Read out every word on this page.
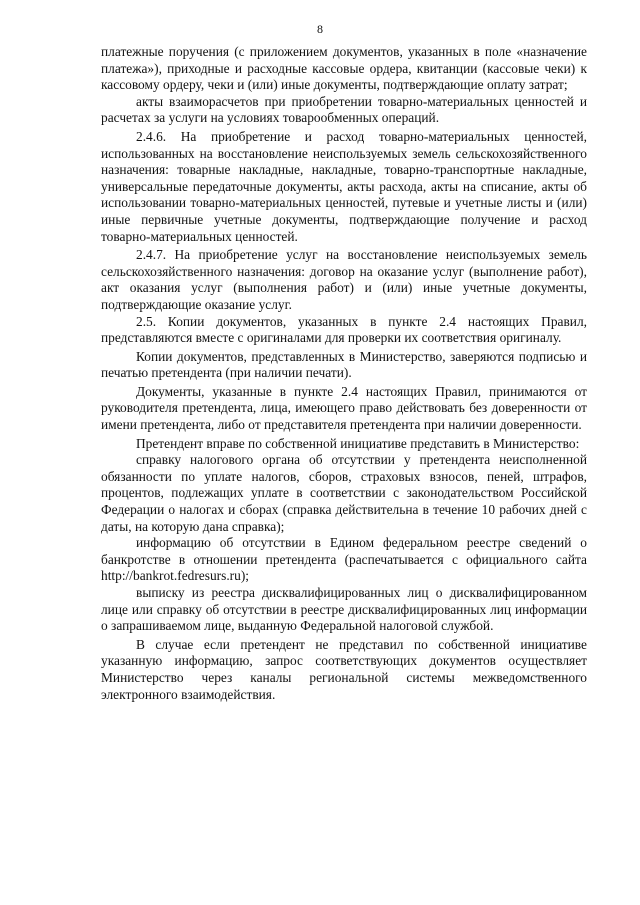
8

платежные поручения (с приложением документов, указанных в поле «назначение платежа»), приходные и расходные кассовые ордера, квитанции (кассовые чеки) к кассовому ордеру, чеки и (или) иные документы, подтверждающие оплату затрат;

акты взаиморасчетов при приобретении товарно-материальных ценностей и расчетах за услуги на условиях товарообменных операций.

2.4.6. На приобретение и расход товарно-материальных ценностей, использованных на восстановление неиспользуемых земель сельскохозяйственного назначения: товарные накладные, накладные, товарно-транспортные накладные, универсальные передаточные документы, акты расхода, акты на списание, акты об использовании товарно-материальных ценностей, путевые и учетные листы и (или) иные первичные учетные документы, подтверждающие получение и расход товарно-материальных ценностей.

2.4.7. На приобретение услуг на восстановление неиспользуемых земель сельскохозяйственного назначения: договор на оказание услуг (выполнение работ), акт оказания услуг (выполнения работ) и (или) иные учетные документы, подтверждающие оказание услуг.

2.5. Копии документов, указанных в пункте 2.4 настоящих Правил, представляются вместе с оригиналами для проверки их соответствия оригиналу.

Копии документов, представленных в Министерство, заверяются подписью и печатью претендента (при наличии печати).

Документы, указанные в пункте 2.4 настоящих Правил, принимаются от руководителя претендента, лица, имеющего право действовать без доверенности от имени претендента, либо от представителя претендента при наличии доверенности.

Претендент вправе по собственной инициативе представить в Министерство:

справку налогового органа об отсутствии у претендента неисполненной обязанности по уплате налогов, сборов, страховых взносов, пеней, штрафов, процентов, подлежащих уплате в соответствии с законодательством Российской Федерации о налогах и сборах (справка действительна в течение 10 рабочих дней с даты, на которую дана справка);

информацию об отсутствии в Едином федеральном реестре сведений о банкротстве в отношении претендента (распечатывается с официального сайта http://bankrot.fedresurs.ru);

выписку из реестра дисквалифицированных лиц о дисквалифицированном лице или справку об отсутствии в реестре дисквалифицированных лиц информации о запрашиваемом лице, выданную Федеральной налоговой службой.

В случае если претендент не представил по собственной инициативе указанную информацию, запрос соответствующих документов осуществляет Министерство через каналы региональной системы межведомственного электронного взаимодействия.
